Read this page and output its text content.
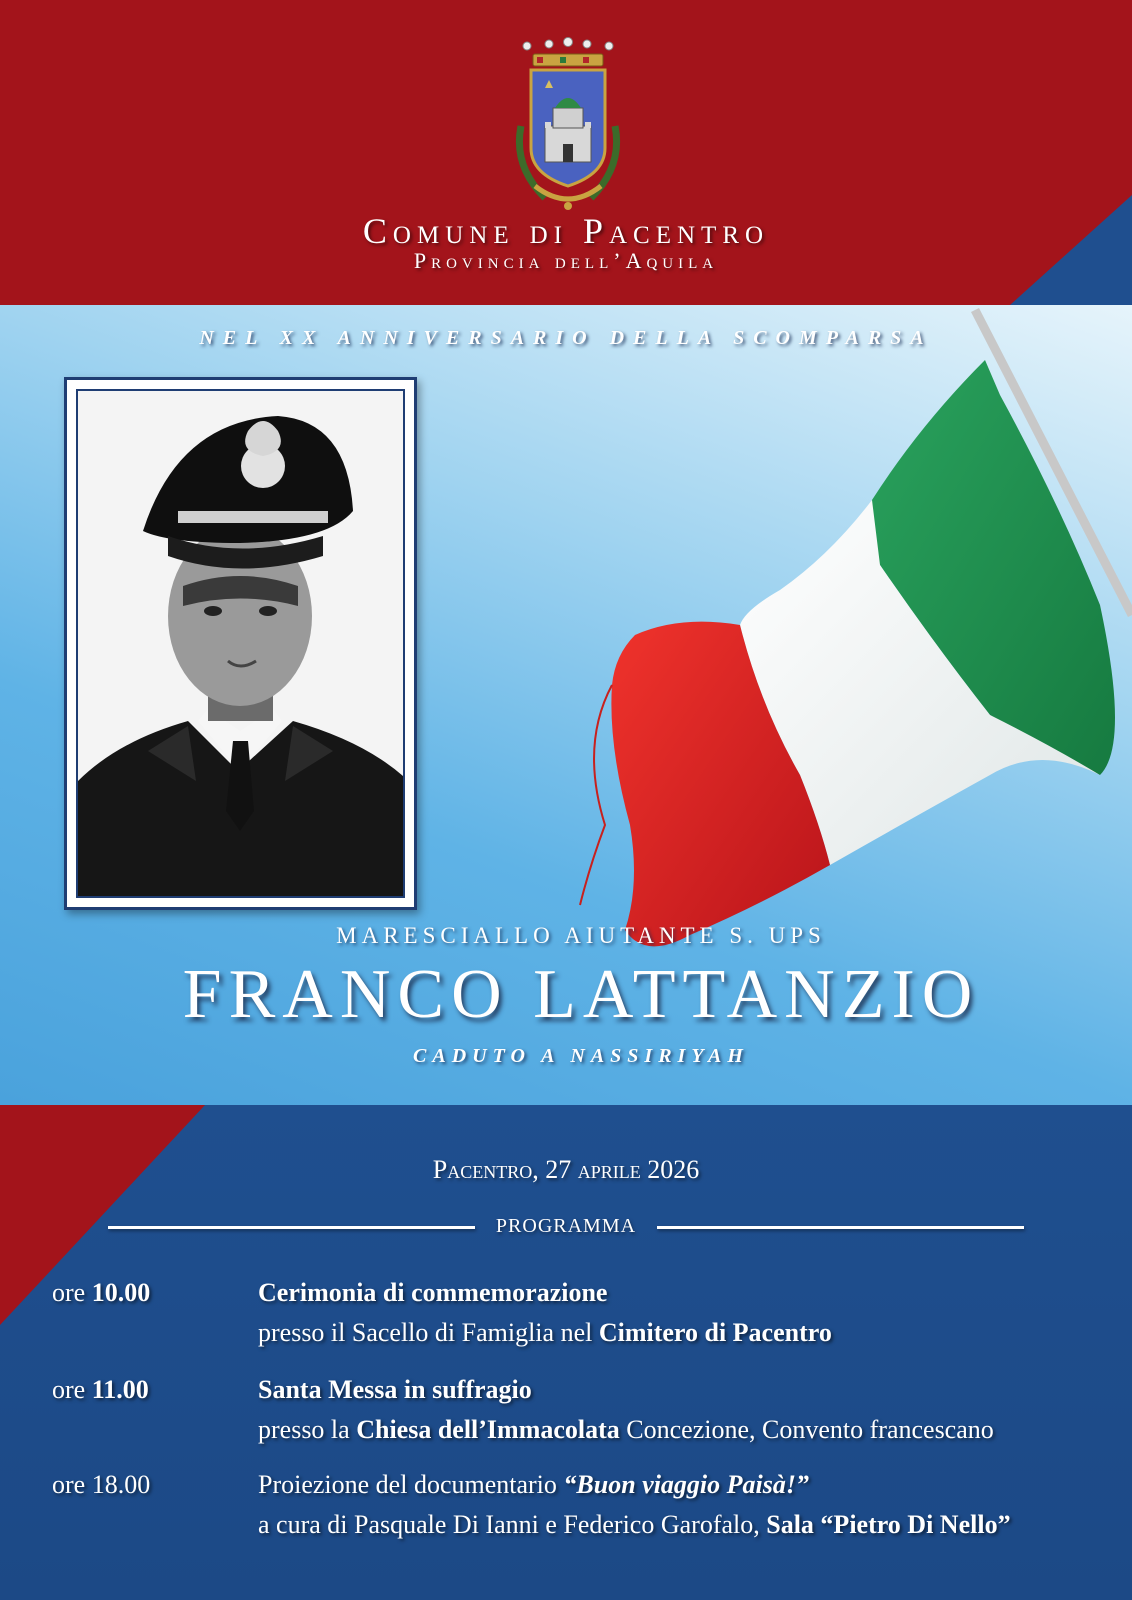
Comune di Pacentro
Provincia dell’Aquila
NEL XX ANNIVERSARIO DELLA SCOMPARSA
MARESCIALLO AIUTANTE S. UPS
FRANCO LATTANZIO
CADUTO A NASSIRIYAH
Pacentro, 27 aprile 2026
PROGRAMMA
ore 10.00	Cerimonia di commemorazione
presso il Sacello di Famiglia nel Cimitero di Pacentro
ore 11.00	Santa Messa in suffragio
presso la Chiesa dell’Immacolata Concezione, Convento francescano
ore 18.00	Proiezione del documentario “Buon viaggio Paisà!”
a cura di Pasquale Di Ianni e Federico Garofalo, Sala “Pietro Di Nello”
